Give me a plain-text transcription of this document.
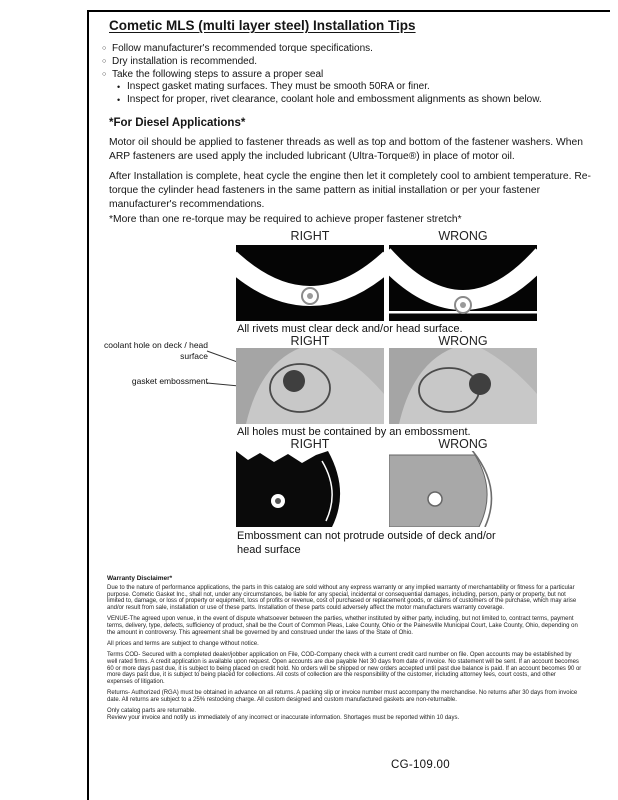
Cometic MLS (multi layer steel) Installation Tips
○ Follow manufacturer's recommended torque specifications.
○ Dry installation is recommended.
○ Take the following steps to assure a proper seal
• Inspect gasket mating surfaces. They must be smooth 50RA or finer.
• Inspect for proper, rivet clearance, coolant hole and embossment alignments as shown below.
*For Diesel Applications*
Motor oil should be applied to fastener threads as well as top and bottom of the fastener washers. When ARP fasteners are used apply the included lubricant (Ultra-Torque®) in place of motor oil.
After Installation is complete, heat cycle the engine then let it completely cool to ambient temperature. Re-torque the cylinder head fasteners in the same pattern as initial installation or per your fastener manufacturer's recommendations.
*More than one re-torque may be required to achieve proper fastener stretch*
RIGHT	WRONG
All rivets must clear deck and/or head surface.
RIGHT	WRONG
coolant hole on deck / head surface
gasket embossment
All holes must be contained by an embossment.
RIGHT	WRONG
Embossment can not protrude outside of deck and/or head surface
Warranty Disclaimer*

Due to the nature of performance applications, the parts in this catalog are sold without any express warranty or any implied warranty of merchantability or fitness for a particular purpose. Cometic Gasket Inc., shall not, under any circumstances, be liable for any special, incidental or consequential damages, including, person, party or property, but not limited to, damage, or loss of property or equipment, loss of profits or revenue, cost of purchased or replacement goods, or claims of customers of the purchase, which may arise and/or result from sale, installation or use of these parts. Installation of these parts could adversely affect the motor manufacturers warranty coverage.

VENUE-The agreed upon venue, in the event of dispute whatsoever between the parties, whether instituted by either party, including, but not limited to, contract terms, payment terms, delivery, type, defects, sufficiency of product, shall be the Court of Common Pleas, Lake County, Ohio or the Painesville Municipal Court, Lake County, Ohio, depending on the amount in controversy. This agreement shall be governed by and construed under the laws of the State of Ohio.

All prices and terms are subject to change without notice.

Terms COD- Secured with a completed dealer/jobber application on File, COD-Company check with a current credit card number on file. Open accounts may be established by well rated firms. A credit application is available upon request. Open accounts are due payable Net 30 days from date of invoice. No statement will be sent. If an account becomes 60 or more days past due, it is subject to being placed on credit hold. No orders will be shipped or new orders accepted until past due balance is paid. If an account becomes 90 or more days past due, it is subject to being placed for collections. All costs of collection are the responsibility of the customer, including attorney fees, court costs, and other expenses of litigation.

Returns- Authorized (RGA) must be obtained in advance on all returns. A packing slip or invoice number must accompany the merchandise. No returns after 30 days from invoice date. All returns are subject to a 25% restocking charge. All custom designed and custom manufactured gaskets are non-returnable.

Only catalog parts are returnable.

Review your invoice and notify us immediately of any incorrect or inaccurate information. Shortages must be reported within 10 days.

CG-109.00
